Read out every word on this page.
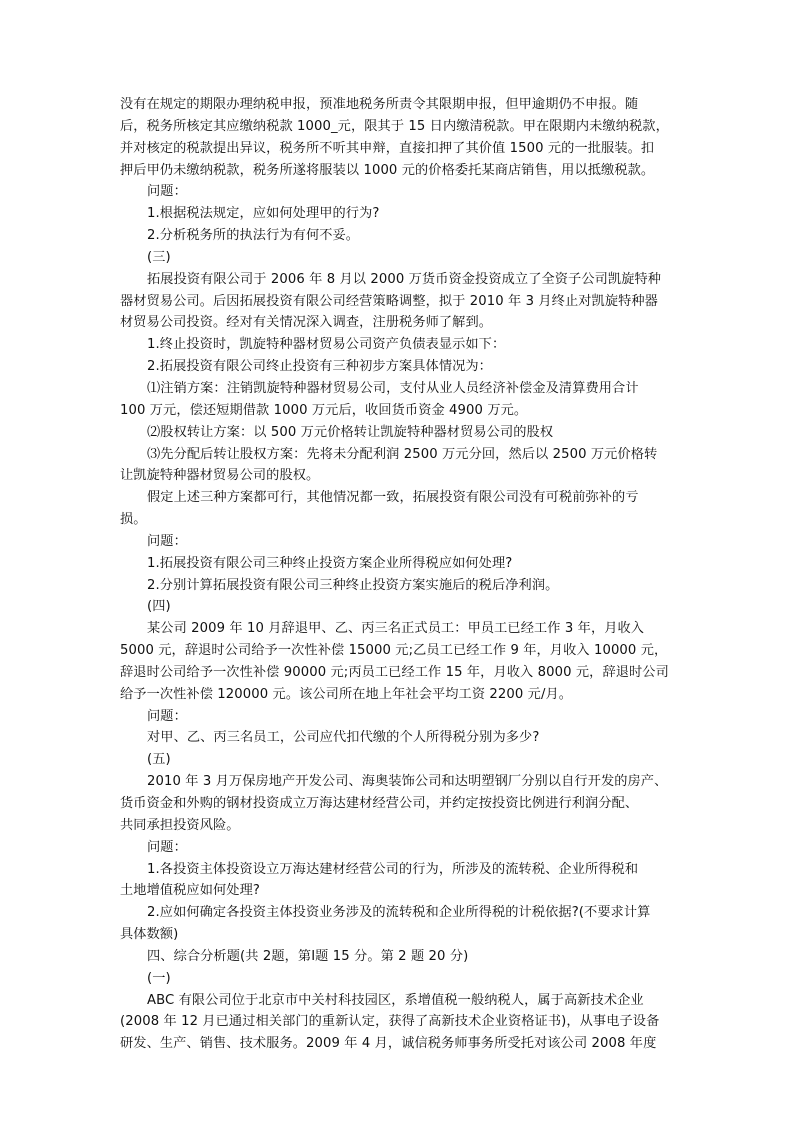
没有在规定的期限办理纳税申报，预准地税务所责令其限期申报，但甲逾期仍不申报。随
后，税务所核定其应缴纳税款 1000_元，限其于 15 日内缴清税款。甲在限期内未缴纳税款，
并对核定的税款提出异议，税务所不听其申辩，直接扣押了其价值 1500 元的一批服装。扣
押后甲仍未缴纳税款，税务所遂将服装以 1000 元的价格委托某商店销售，用以抵缴税款。
问题：
1.根据税法规定，应如何处理甲的行为?
2.分析税务所的执法行为有何不妥。
(三)
拓展投资有限公司于 2006 年 8 月以 2000 万货币资金投资成立了全资子公司凯旋特种
器材贸易公司。后因拓展投资有限公司经营策略调整，拟于 2010 年 3 月终止对凯旋特种器
材贸易公司投资。经对有关情况深入调查，注册税务师了解到。
1.终止投资时，凯旋特种器材贸易公司资产负债表显示如下：
2.拓展投资有限公司终止投资有三种初步方案具体情况为：
⑴注销方案：注销凯旋特种器材贸易公司，支付从业人员经济补偿金及清算费用合计
100 万元，偿还短期借款 1000 万元后，收回货币资金 4900 万元。
⑵股权转让方案：以 500 万元价格转让凯旋特种器材贸易公司的股权
⑶先分配后转让股权方案：先将未分配利润 2500 万元分回，然后以 2500 万元价格转
让凯旋特种器材贸易公司的股权。
假定上述三种方案都可行，其他情况都一致，拓展投资有限公司没有可税前弥补的亏
损。
问题：
1.拓展投资有限公司三种终止投资方案企业所得税应如何处理?
2.分别计算拓展投资有限公司三种终止投资方案实施后的税后净利润。
(四)
某公司 2009 年 10 月辞退甲、乙、丙三名正式员工：甲员工已经工作 3 年，月收入
5000 元，辞退时公司给予一次性补偿 15000 元;乙员工已经工作 9 年，月收入 10000 元，
辞退时公司给予一次性补偿 90000 元;丙员工已经工作 15 年，月收入 8000 元，辞退时公司
给予一次性补偿 120000 元。该公司所在地上年社会平均工资 2200 元/月。
问题：
对甲、乙、丙三名员工，公司应代扣代缴的个人所得税分别为多少?
(五)
2010 年 3 月万保房地产开发公司、海奥装饰公司和达明塑钢厂分别以自行开发的房产、
货币资金和外购的钢材投资成立万海达建材经营公司，并约定按投资比例进行利润分配、
共同承担投资风险。
问题：
1.各投资主体投资设立万海达建材经营公司的行为，所涉及的流转税、企业所得税和
土地增值税应如何处理?
2.应如何确定各投资主体投资业务涉及的流转税和企业所得税的计税依据?(不要求计算
具体数额)
四、综合分析题(共 2题，第Ⅰ题 15 分。第 2 题 20 分)
(一)
ABC 有限公司位于北京市中关村科技园区，系增值税一般纳税人，属于高新技术企业
(2008 年 12 月已通过相关部门的重新认定，获得了高新技术企业资格证书)，从事电子设备
研发、生产、销售、技术服务。2009 年 4 月，诚信税务师事务所受托对该公司 2008 年度
